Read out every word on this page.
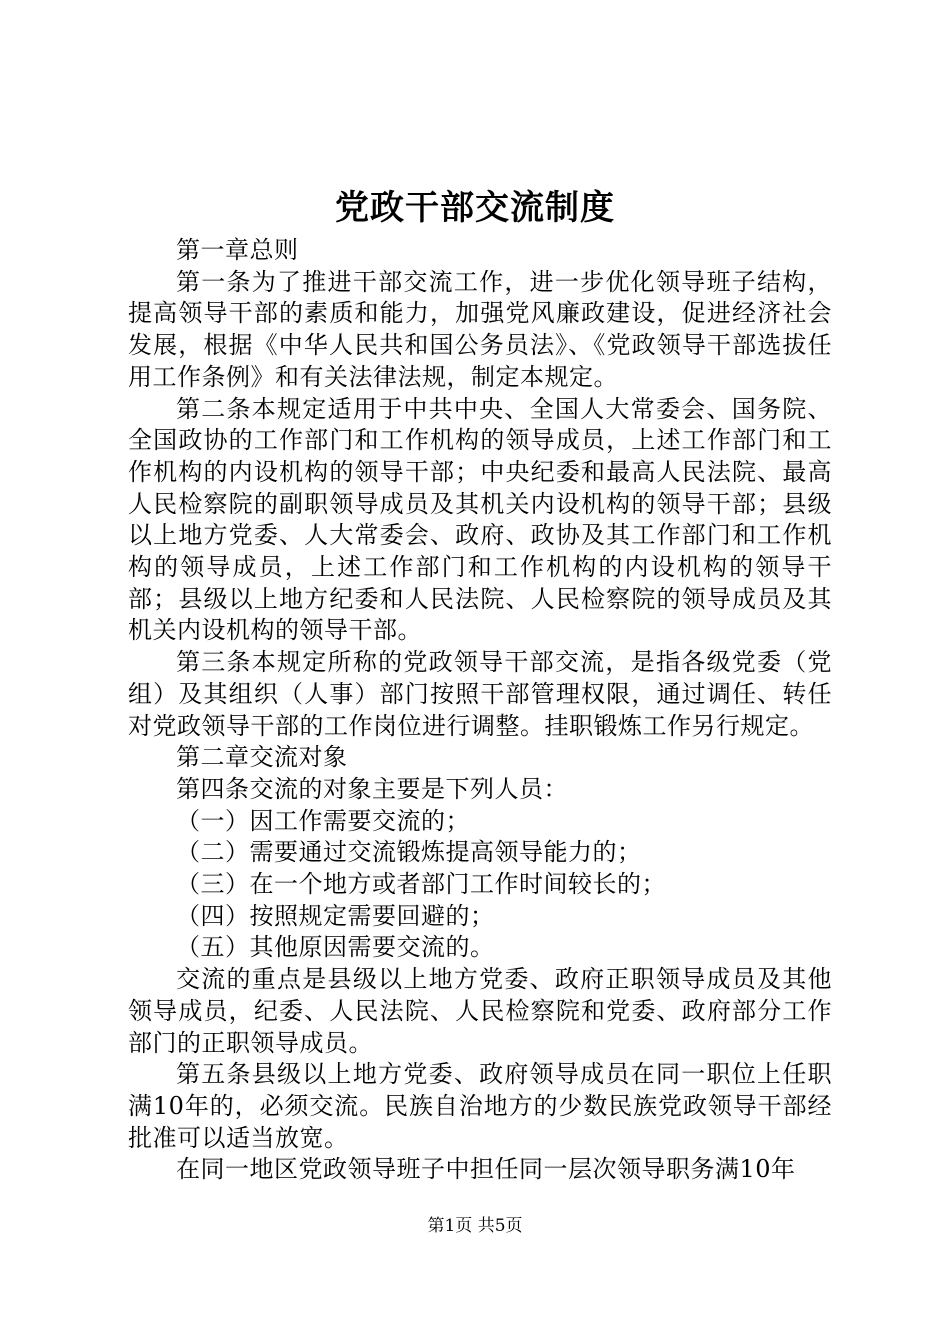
党政干部交流制度

第一章总则

第一条为了推进干部交流工作，进一步优化领导班子结构，提高领导干部的素质和能力，加强党风廉政建设，促进经济社会发展，根据《中华人民共和国公务员法》、《党政领导干部选拔任用工作条例》和有关法律法规，制定本规定。

第二条本规定适用于中共中央、全国人大常委会、国务院、全国政协的工作部门和工作机构的领导成员，上述工作部门和工作机构的内设机构的领导干部；中央纪委和最高人民法院、最高人民检察院的副职领导成员及其机关内设机构的领导干部；县级以上地方党委、人大常委会、政府、政协及其工作部门和工作机构的领导成员，上述工作部门和工作机构的内设机构的领导干部；县级以上地方纪委和人民法院、人民检察院的领导成员及其机关内设机构的领导干部。

第三条本规定所称的党政领导干部交流，是指各级党委（党组）及其组织（人事）部门按照干部管理权限，通过调任、转任对党政领导干部的工作岗位进行调整。挂职锻炼工作另行规定。

第二章交流对象

第四条交流的对象主要是下列人员：

（一）因工作需要交流的；

（二）需要通过交流锻炼提高领导能力的；

（三）在一个地方或者部门工作时间较长的；

（四）按照规定需要回避的；

（五）其他原因需要交流的。

交流的重点是县级以上地方党委、政府正职领导成员及其他领导成员，纪委、人民法院、人民检察院和党委、政府部分工作部门的正职领导成员。

第五条县级以上地方党委、政府领导成员在同一职位上任职满10年的，必须交流。民族自治地方的少数民族党政领导干部经批准可以适当放宽。

在同一地区党政领导班子中担任同一层次领导职务满10年

第1页 共5页
